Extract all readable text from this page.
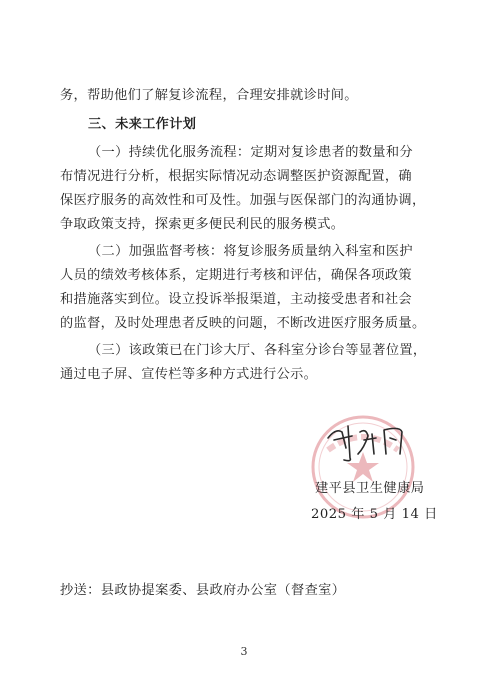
务，帮助他们了解复诊流程，合理安排就诊时间。
三、未来工作计划
（一）持续优化服务流程：定期对复诊患者的数量和分
布情况进行分析，根据实际情况动态调整医护资源配置，确
保医疗服务的高效性和可及性。加强与医保部门的沟通协调，
争取政策支持，探索更多便民利民的服务模式。
（二）加强监督考核：将复诊服务质量纳入科室和医护
人员的绩效考核体系，定期进行考核和评估，确保各项政策
和措施落实到位。设立投诉举报渠道，主动接受患者和社会
的监督，及时处理患者反映的问题，不断改进医疗服务质量。
（三）该政策已在门诊大厅、各科室分诊台等显著位置，
通过电子屏、宣传栏等多种方式进行公示。
建平县卫生健康局
2025 年 5 月 14 日
抄送：县政协提案委、县政府办公室（督查室）
3
